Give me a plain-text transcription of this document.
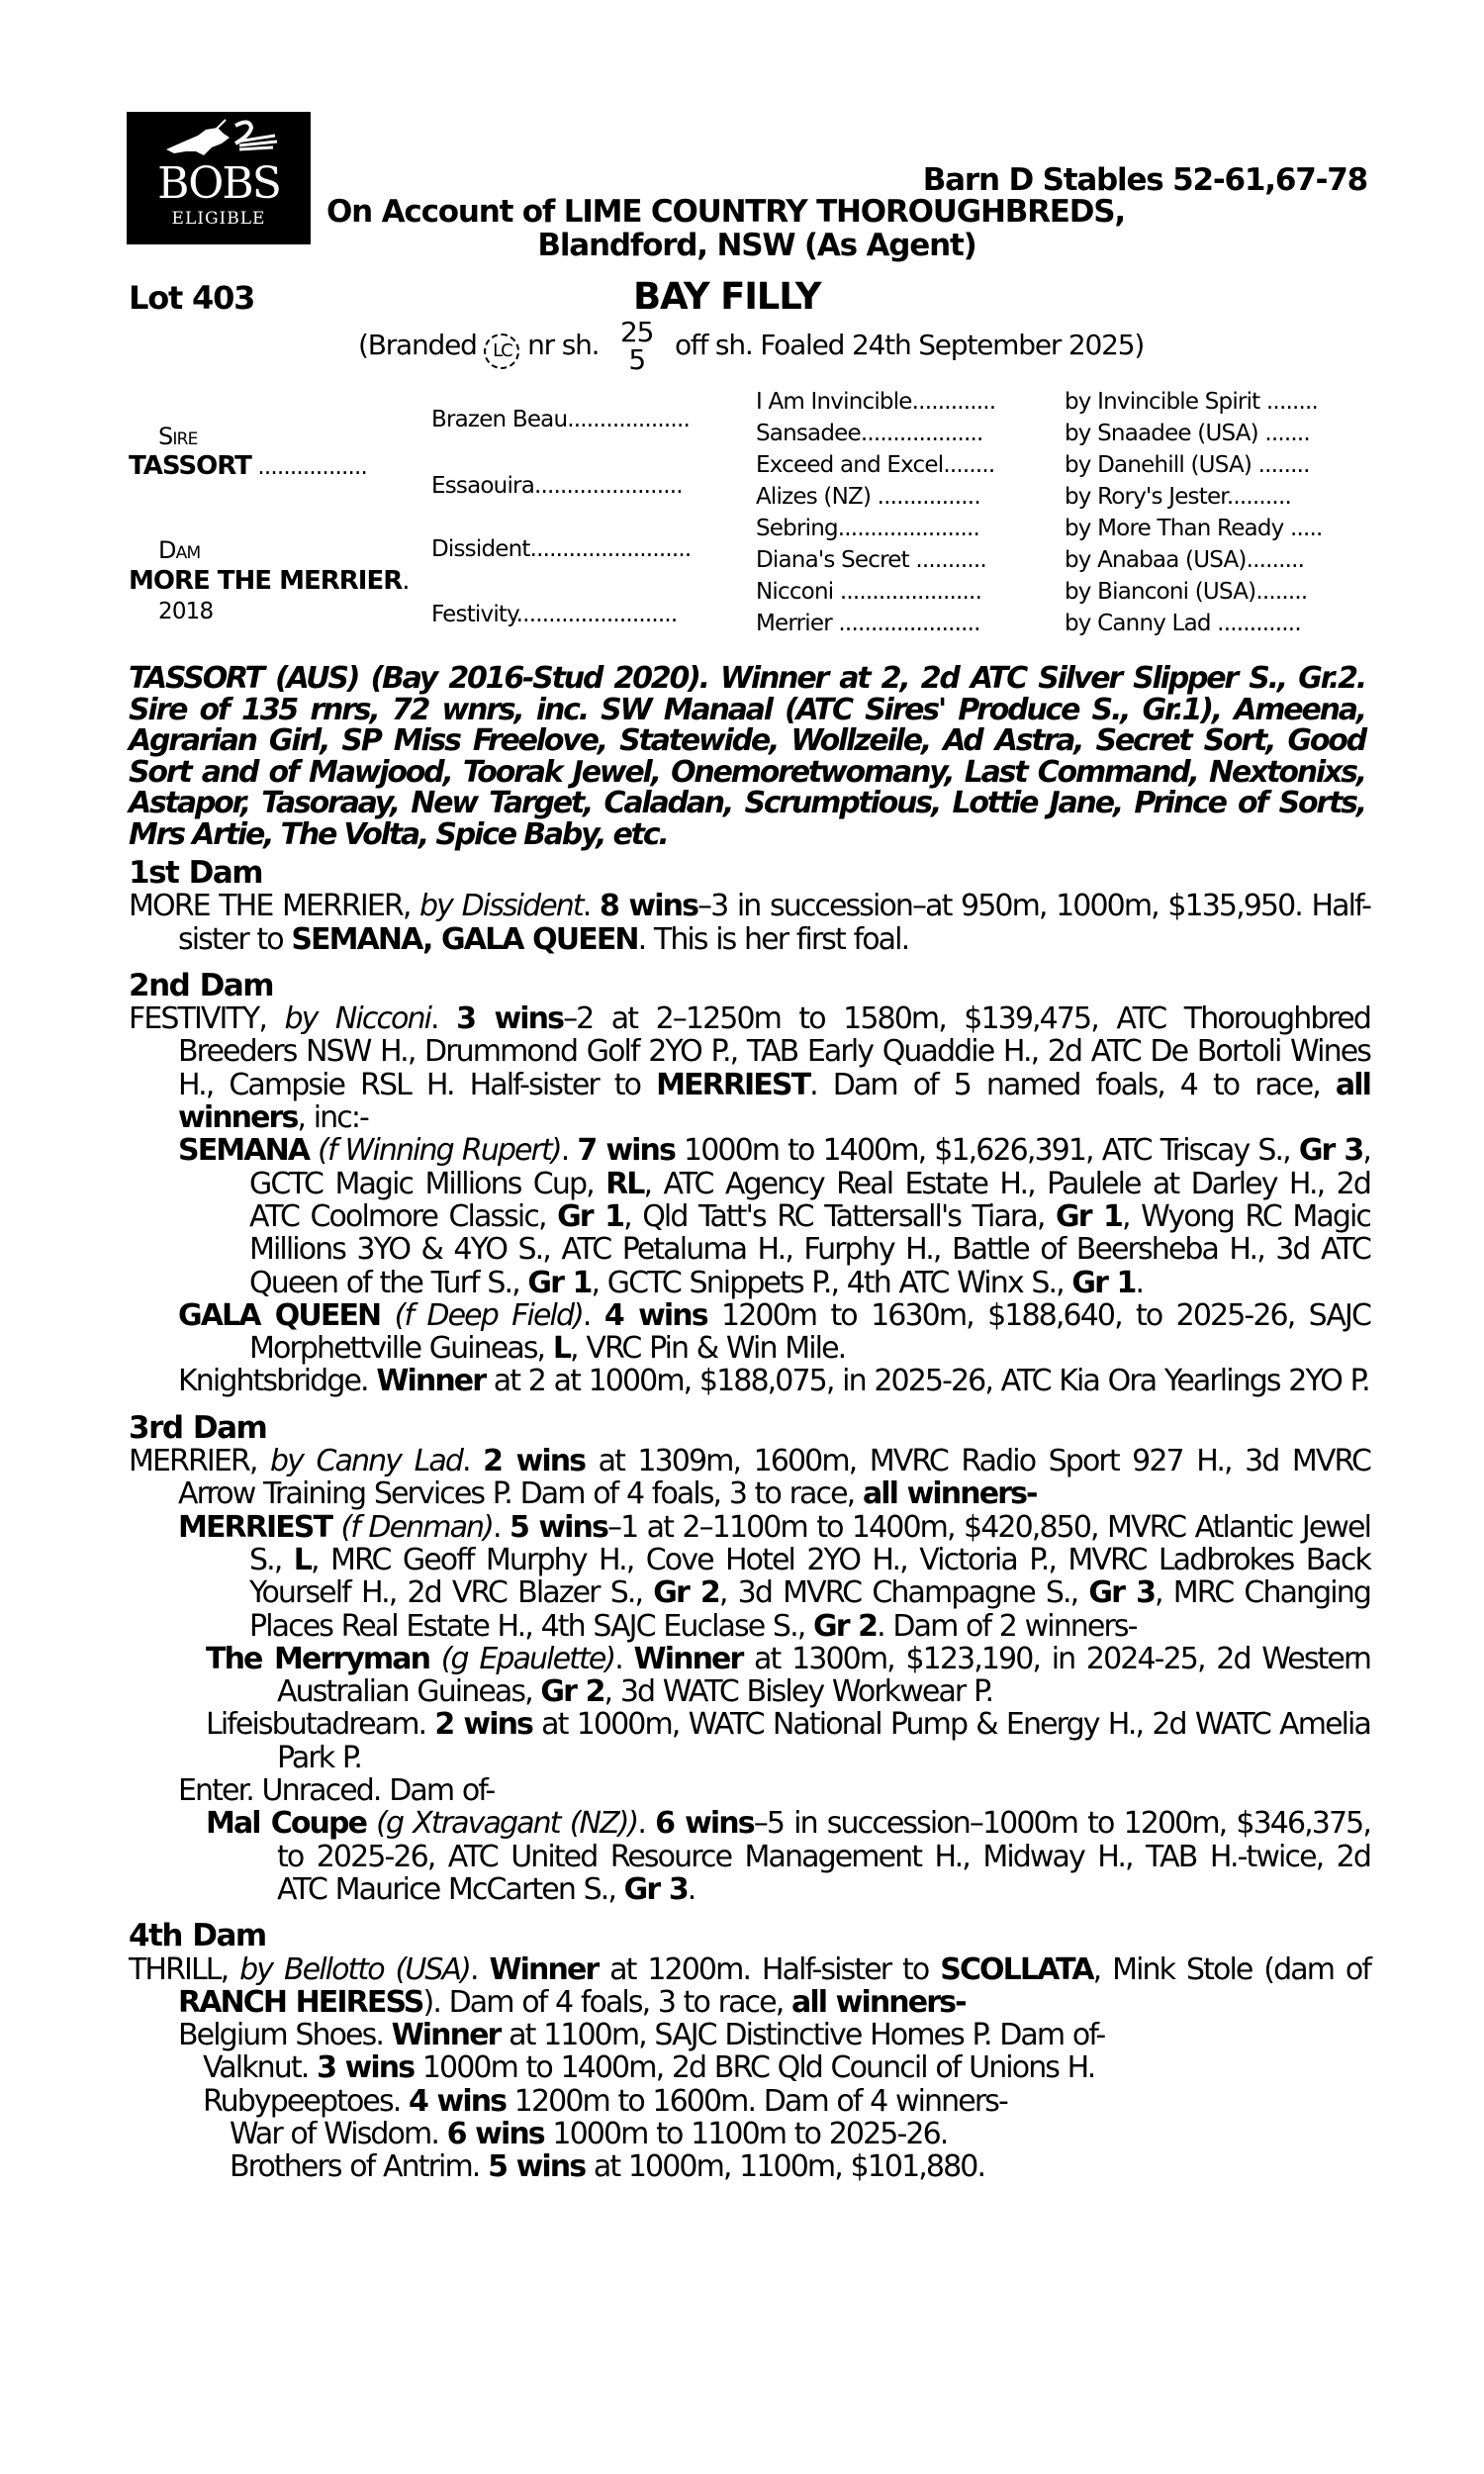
BOBS
ELIGIBLE
Barn D Stables 52-61,67-78
On Account of LIME COUNTRY THOROUGHBREDS,
Blandford, NSW (As Agent)
Lot 403	BAY FILLY
(Branded LC nr sh. 25
5 off sh. Foaled 24th September 2025)
Sire
TASSORT .................
Dam
MORE THE MERRIER.
2018
Brazen Beau...................
Essaouira.......................
Dissident.........................
Festivity.........................
I Am Invincible.............	by Invincible Spirit ........
Sansadee...................	by Snaadee (USA) .......
Exceed and Excel........	by Danehill (USA) ........
Alizes (NZ) ................	by Rory's Jester..........
Sebring......................	by More Than Ready .....
Diana's Secret ...........	by Anabaa (USA).........
Nicconi ......................	by Bianconi (USA)........
Merrier ......................	by Canny Lad .............

TASSORT (AUS) (Bay 2016-Stud 2020). Winner at 2, 2d ATC Silver Slipper S., Gr.2. Sire of 135 rnrs, 72 wnrs, inc. SW Manaal (ATC Sires' Produce S., Gr.1), Ameena, Agrarian Girl, SP Miss Freelove, Statewide, Wollzeile, Ad Astra, Secret Sort, Good Sort and of Mawjood, Toorak Jewel, Onemoretwomany, Last Command, Nextonixs, Astapor, Tasoraay, New Target, Caladan, Scrumptious, Lottie Jane, Prince of Sorts, Mrs Artie, The Volta, Spice Baby, etc.

1st Dam

MORE THE MERRIER, by Dissident. 8 wins–3 in succession–at 950m, 1000m, $135,950. Half-sister to SEMANA, GALA QUEEN. This is her first foal.

2nd Dam

FESTIVITY, by Nicconi. 3 wins–2 at 2–1250m to 1580m, $139,475, ATC Thoroughbred Breeders NSW H., Drummond Golf 2YO P., TAB Early Quaddie H., 2d ATC De Bortoli Wines H., Campsie RSL H. Half-sister to MERRIEST. Dam of 5 named foals, 4 to race, all winners, inc:-

SEMANA (f Winning Rupert). 7 wins 1000m to 1400m, $1,626,391, ATC Triscay S., Gr 3, GCTC Magic Millions Cup, RL, ATC Agency Real Estate H., Paulele at Darley H., 2d ATC Coolmore Classic, Gr 1, Qld Tatt's RC Tattersall's Tiara, Gr 1, Wyong RC Magic Millions 3YO & 4YO S., ATC Petaluma H., Furphy H., Battle of Beersheba H., 3d ATC Queen of the Turf S., Gr 1, GCTC Snippets P., 4th ATC Winx S., Gr 1.

GALA QUEEN (f Deep Field). 4 wins 1200m to 1630m, $188,640, to 2025-26, SAJC Morphettville Guineas, L, VRC Pin & Win Mile.

Knightsbridge. Winner at 2 at 1000m, $188,075, in 2025-26, ATC Kia Ora Yearlings 2YO P.

3rd Dam

MERRIER, by Canny Lad. 2 wins at 1309m, 1600m, MVRC Radio Sport 927 H., 3d MVRC Arrow Training Services P. Dam of 4 foals, 3 to race, all winners-

MERRIEST (f Denman). 5 wins–1 at 2–1100m to 1400m, $420,850, MVRC Atlantic Jewel S., L, MRC Geoff Murphy H., Cove Hotel 2YO H., Victoria P., MVRC Ladbrokes Back Yourself H., 2d VRC Blazer S., Gr 2, 3d MVRC Champagne S., Gr 3, MRC Changing Places Real Estate H., 4th SAJC Euclase S., Gr 2. Dam of 2 winners-

The Merryman (g Epaulette). Winner at 1300m, $123,190, in 2024-25, 2d Western Australian Guineas, Gr 2, 3d WATC Bisley Workwear P.

Lifeisbutadream. 2 wins at 1000m, WATC National Pump & Energy H., 2d WATC Amelia Park P.

Enter. Unraced. Dam of-

Mal Coupe (g Xtravagant (NZ)). 6 wins–5 in succession–1000m to 1200m, $346,375, to 2025-26, ATC United Resource Management H., Midway H., TAB H.-twice, 2d ATC Maurice McCarten S., Gr 3.

4th Dam

THRILL, by Bellotto (USA). Winner at 1200m. Half-sister to SCOLLATA, Mink Stole (dam of RANCH HEIRESS). Dam of 4 foals, 3 to race, all winners-

Belgium Shoes. Winner at 1100m, SAJC Distinctive Homes P. Dam of-

Valknut. 3 wins 1000m to 1400m, 2d BRC Qld Council of Unions H.

Rubypeeptoes. 4 wins 1200m to 1600m. Dam of 4 winners-

War of Wisdom. 6 wins 1000m to 1100m to 2025-26.

Brothers of Antrim. 5 wins at 1000m, 1100m, $101,880.
